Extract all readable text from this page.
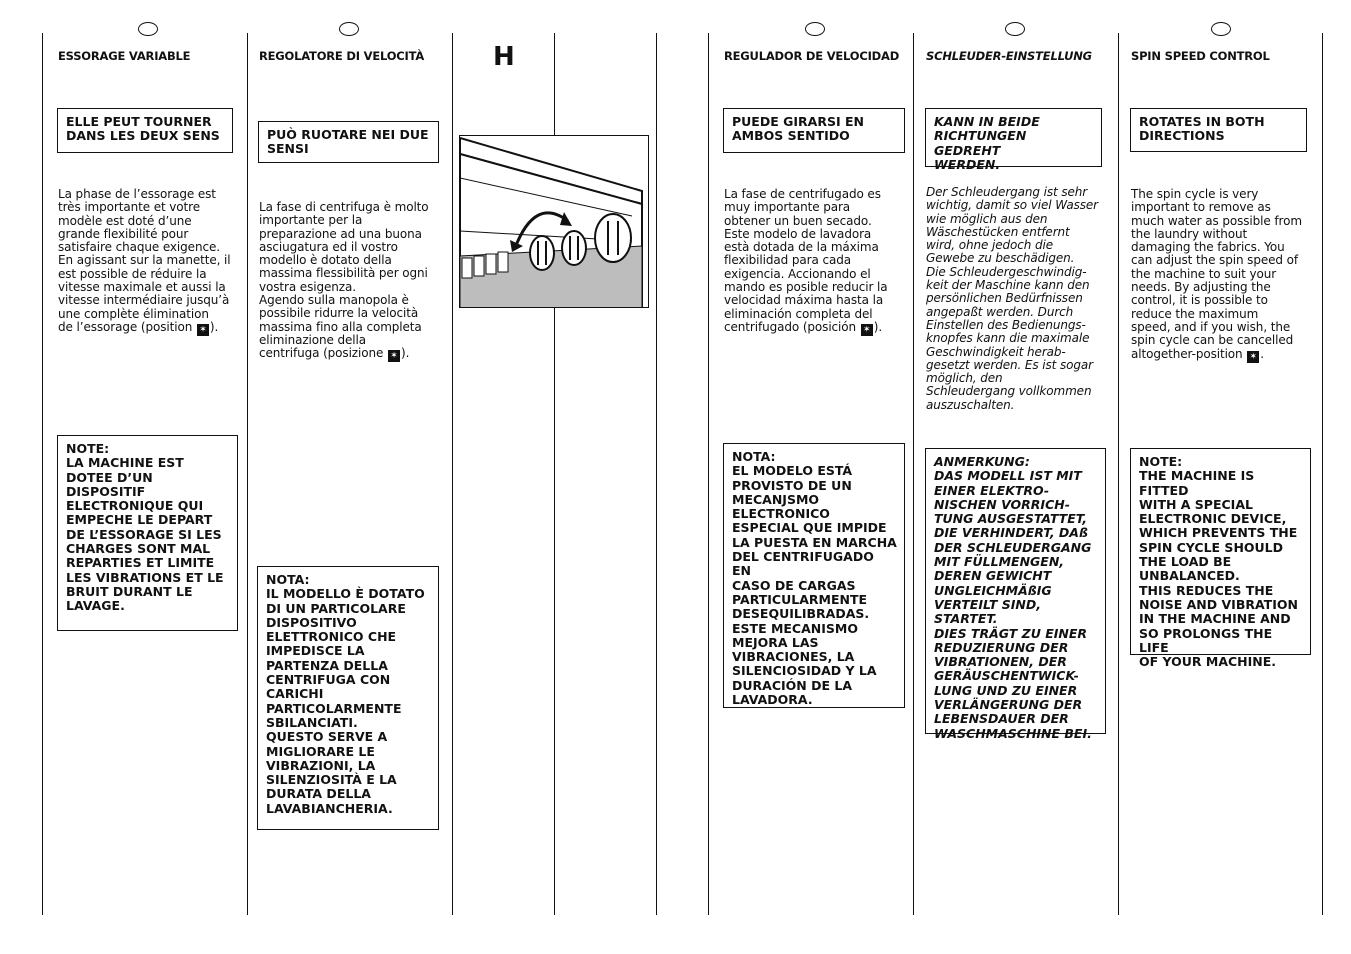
ESSORAGE VARIABLE
ELLE PEUT TOURNER
DANS LES DEUX SENS
La phase de l’essorage est
très importante et votre
modèle est doté d’une
grande flexibilité pour
satisfaire chaque exigence.
En agissant sur la manette, il
est possible de réduire la
vitesse maximale et aussi la
vitesse intermédiaire jusqu’à
une complète élimination
de l’essorage (position ✶ ).
NOTE:
LA MACHINE EST
DOTEE D’UN
DISPOSITIF
ELECTRONIQUE QUI
EMPECHE LE DEPART
DE L’ESSORAGE SI LES
CHARGES SONT MAL
REPARTIES ET LIMITE
LES VIBRATIONS ET LE
BRUIT DURANT LE
LAVAGE.
REGOLATORE DI VELOCITÀ
PUÒ RUOTARE NEI DUE
SENSI
La fase di centrifuga è molto
importante per la
preparazione ad una buona
asciugatura ed il vostro
modello è dotato della
massima flessibilità per ogni
vostra esigenza.
Agendo sulla manopola è
possibile ridurre la velocità
massima fino alla completa
eliminazione della
centrifuga (posizione ✶ ).
NOTA:
IL MODELLO È DOTATO
DI UN PARTICOLARE
DISPOSITIVO
ELETTRONICO CHE
IMPEDISCE LA
PARTENZA DELLA
CENTRIFUGA CON
CARICHI
PARTICOLARMENTE
SBILANCIATI.
QUESTO SERVE A
MIGLIORARE LE
VIBRAZIONI, LA
SILENZIOSITÀ E LA
DURATA DELLA
LAVABIANCHERIA.
H	REGULADOR DE VELOCIDAD
PUEDE GIRARSI EN
AMBOS SENTIDO
La fase de centrifugado es
muy importante para
obtener un buen secado.
Este modelo de lavadora
està dotada de la máxima
flexibilidad para cada
exigencia. Accionando el
mando es posible reducir la
velocidad máxima hasta la
eliminación completa del
centrifugado (posición ✶ ).
NOTA:
EL MODELO ESTÁ
PROVISTO DE UN
MECANJSMO
ELECTRONICO
ESPECIAL QUE IMPIDE
LA PUESTA EN MARCHA
DEL CENTRIFUGADO EN
CASO DE CARGAS
PARTICULARMENTE
DESEQUILIBRADAS.
ESTE MECANISMO
MEJORA LAS
VIBRACIONES, LA
SILENCIOSIDAD Y LA
DURACIÓN DE LA
LAVADORA.
SCHLEUDER-EINSTELLUNG
KANN IN BEIDE
RICHTUNGEN GEDREHT
WERDEN.
Der Schleudergang ist sehr
wichtig, damit so viel Wasser
wie möglich aus den
Wäschestücken entfernt
wird, ohne jedoch die
Gewebe zu beschädigen.
Die Schleudergeschwindig-
keit der Maschine kann den
persönlichen Bedürfnissen
angepaßt werden. Durch
Einstellen des Bedienungs-
knopfes kann die maximale
Geschwindigkeit herab-
gesetzt werden. Es ist sogar
möglich, den
Schleudergang vollkommen
auszuschalten.
ANMERKUNG:
DAS MODELL IST MIT
EINER ELEKTRO-
NISCHEN VORRICH-
TUNG AUSGESTATTET,
DIE VERHINDERT, DAß
DER SCHLEUDERGANG
MIT FÜLLMENGEN,
DEREN GEWICHT
UNGLEICHMÄßIG
VERTEILT SIND, STARTET.
DIES TRÄGT ZU EINER
REDUZIERUNG DER
VIBRATIONEN, DER
GERÄUSCHENTWICK-
LUNG UND ZU EINER
VERLÄNGERUNG DER
LEBENSDAUER DER
WASCHMASCHINE BEI.
SPIN SPEED CONTROL
ROTATES IN BOTH
DIRECTIONS
The spin cycle is very
important to remove as
much water as possible from
the laundry without
damaging the fabrics. You
can adjust the spin speed of
the machine to suit your
needs. By adjusting the
control, it is possible to
reduce the maximum
speed, and if you wish, the
spin cycle can be cancelled
altogether-position ✶ .
NOTE:
THE MACHINE IS FITTED
WITH A SPECIAL
ELECTRONIC DEVICE,
WHICH PREVENTS THE
SPIN CYCLE SHOULD
THE LOAD BE
UNBALANCED.
THIS REDUCES THE
NOISE AND VIBRATION
IN THE MACHINE AND
SO PROLONGS THE LIFE
OF YOUR MACHINE.
